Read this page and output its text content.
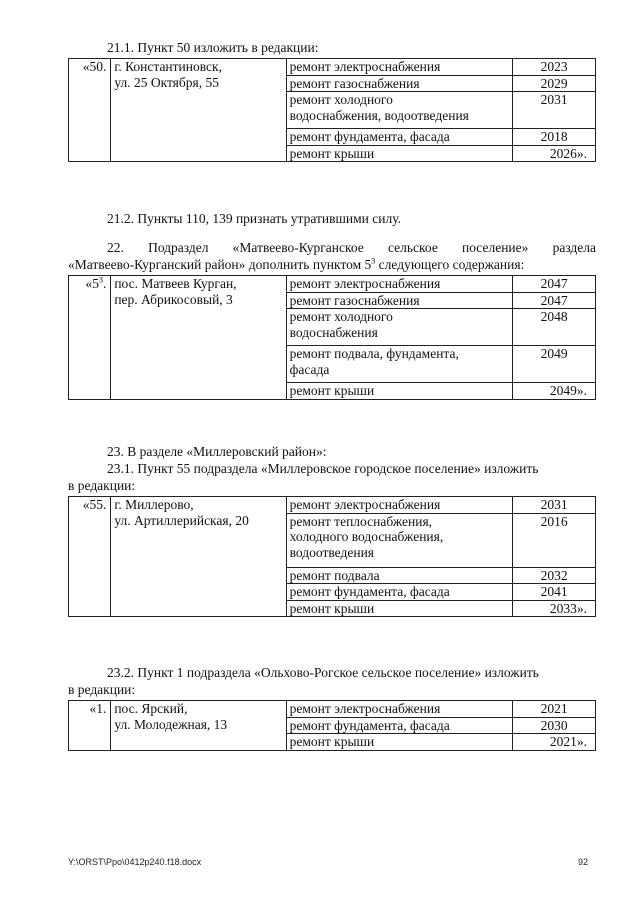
21.1. Пункт 50 изложить в редакции:
«50.	г. Константиновск,
ул. 25 Октября, 55	ремонт электроснабжения	2023
		ремонт газоснабжения	2029
		ремонт холодного
водоснабжения, водоотведения	2031
		ремонт фундамента, фасада	2018
		ремонт крыши	2026».
21.2. Пункты 110, 139 признать утратившими силу.
22. Подраздел «Матвеево-Курганское сельское поселение» раздела
«Матвеево-Курганский район» дополнить пунктом $5^3$ следующего содержания:
«$5^3$.	пос. Матвеев Курган,
пер. Абрикосовый, 3	ремонт электроснабжения	2047
		ремонт газоснабжения	2047
		ремонт холодного
водоснабжения	2048
		ремонт подвала, фундамента,
фасада	2049
		ремонт крыши	2049».
23. В разделе «Миллеровский район»:
23.1. Пункт 55 подраздела «Миллеровское городское поселение» изложить
в редакции:
«55.	г. Миллерово,
ул. Артиллерийская, 20	ремонт электроснабжения	2031
		ремонт теплоснабжения,
холодного водоснабжения,
водоотведения	2016
		ремонт подвала	2032
		ремонт фундамента, фасада	2041
		ремонт крыши	2033».
23.2. Пункт 1 подраздела «Ольхово-Рогское сельское поселение» изложить
в редакции:
«1.	пос. Ярский,
ул. Молодежная, 13	ремонт электроснабжения	2021
		ремонт фундамента, фасада	2030
		ремонт крыши	2021».
Y:\ORST\Ppo\0412p240.f18.docx	92
